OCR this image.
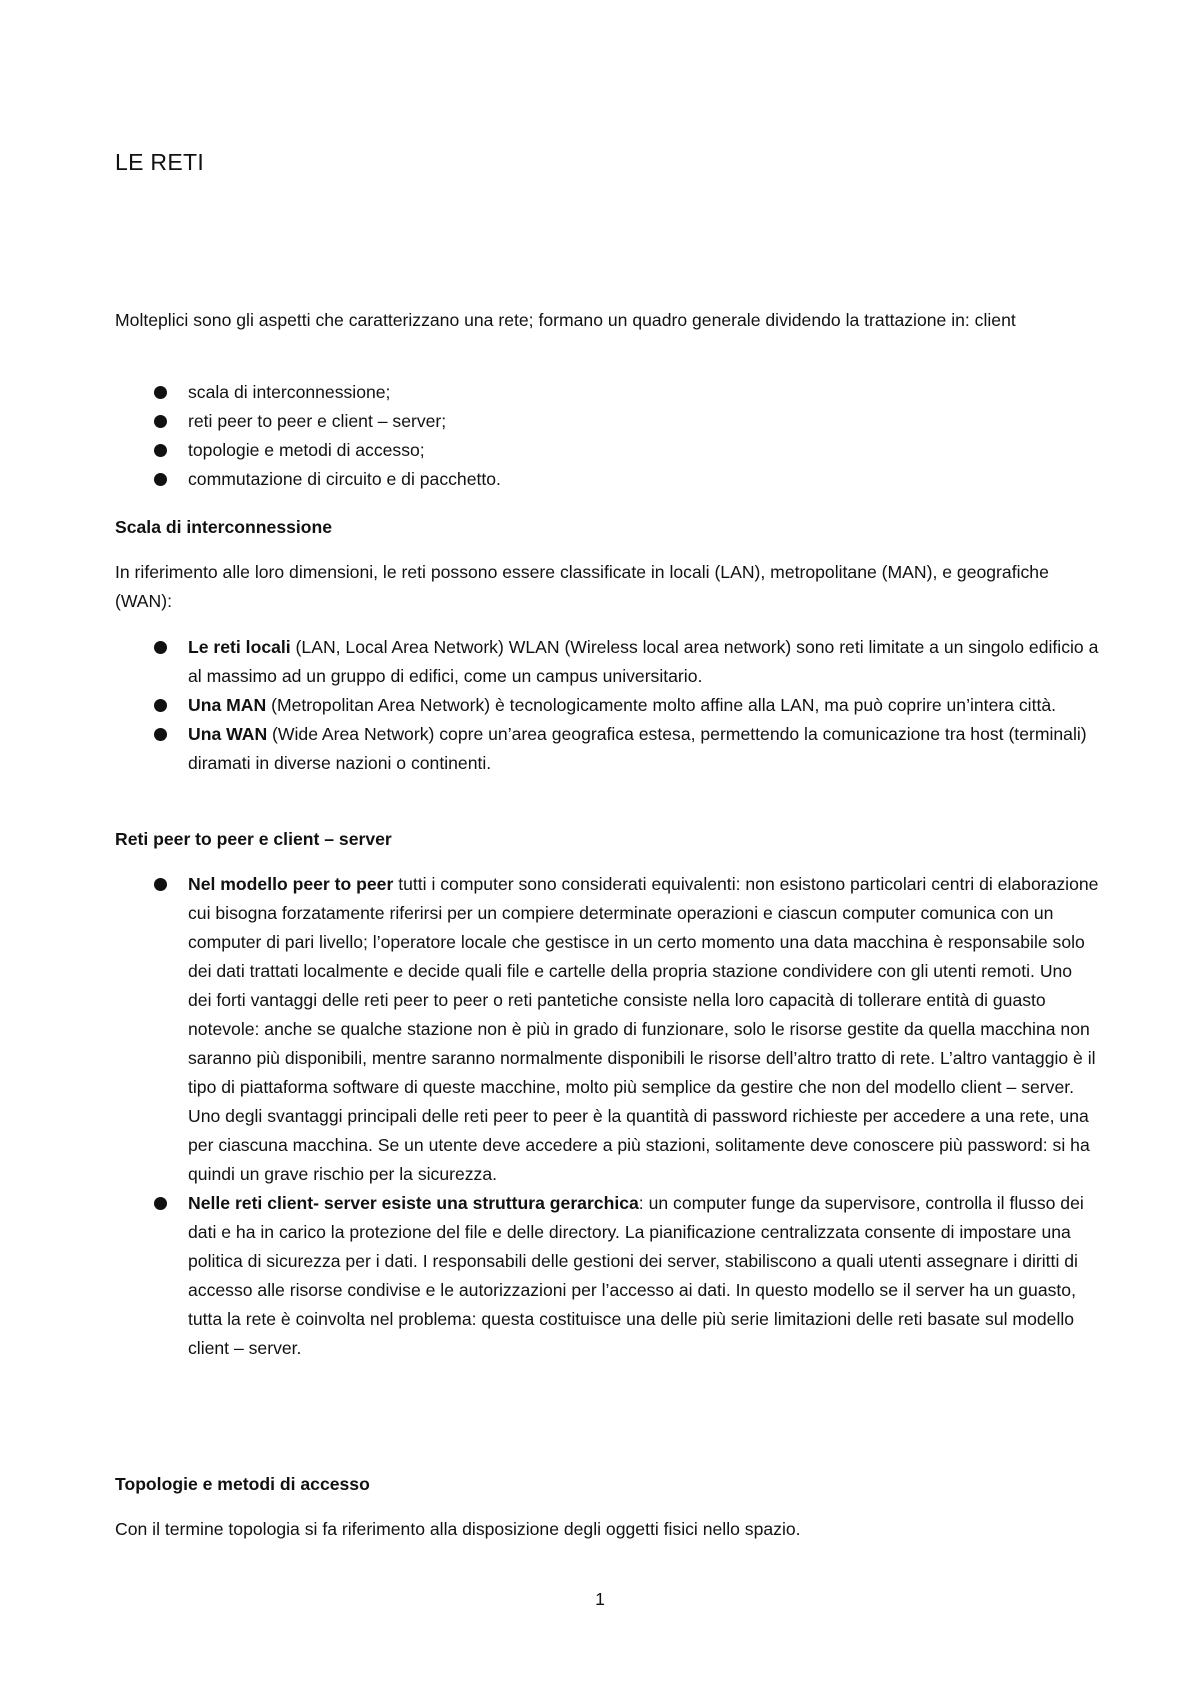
LE RETI

Molteplici sono gli aspetti che caratterizzano una rete; formano un quadro generale dividendo la trattazione in: client

scala di interconnessione;
reti peer to peer e client – server;
topologie e metodi di accesso;
commutazione di circuito e di pacchetto.
Scala di interconnessione

In riferimento alle loro dimensioni, le reti possono essere classificate in locali (LAN), metropolitane (MAN), e geografiche (WAN):

Le reti locali (LAN, Local Area Network) WLAN (Wireless local area network) sono reti limitate a un singolo edificio a al massimo ad un gruppo di edifici, come un campus universitario.
Una MAN (Metropolitan Area Network) è tecnologicamente molto affine alla LAN, ma può coprire un’intera città.
Una WAN (Wide Area Network) copre un’area geografica estesa, permettendo la comunicazione tra host (terminali) diramati in diverse nazioni o continenti.
Reti peer to peer e client – server
Nel modello peer to peer tutti i computer sono considerati equivalenti: non esistono particolari centri di elaborazione cui bisogna forzatamente riferirsi per un compiere determinate operazioni e ciascun computer comunica con un computer di pari livello; l’operatore locale che gestisce in un certo momento una data macchina è responsabile solo dei dati trattati localmente e decide quali file e cartelle della propria stazione condividere con gli utenti remoti. Uno dei forti vantaggi delle reti peer to peer o reti pantetiche consiste nella loro capacità di tollerare entità di guasto notevole: anche se qualche stazione non è più in grado di funzionare, solo le risorse gestite da quella macchina non saranno più disponibili, mentre saranno normalmente disponibili le risorse dell’altro tratto di rete. L’altro vantaggio è il tipo di piattaforma software di queste macchine, molto più semplice da gestire che non del modello client – server. Uno degli svantaggi principali delle reti peer to peer è la quantità di password richieste per accedere a una rete, una per ciascuna macchina. Se un utente deve accedere a più stazioni, solitamente deve conoscere più password: si ha quindi un grave rischio per la sicurezza.
Nelle reti client- server esiste una struttura gerarchica: un computer funge da supervisore, controlla il flusso dei dati e ha in carico la protezione del file e delle directory. La pianificazione centralizzata consente di impostare una politica di sicurezza per i dati. I responsabili delle gestioni dei server, stabiliscono a quali utenti assegnare i diritti di accesso alle risorse condivise e le autorizzazioni per l’accesso ai dati. In questo modello se il server ha un guasto, tutta la rete è coinvolta nel problema: questa costituisce una delle più serie limitazioni delle reti basate sul modello client – server.
Topologie e metodi di accesso

Con il termine topologia si fa riferimento alla disposizione degli oggetti fisici nello spazio.

1
